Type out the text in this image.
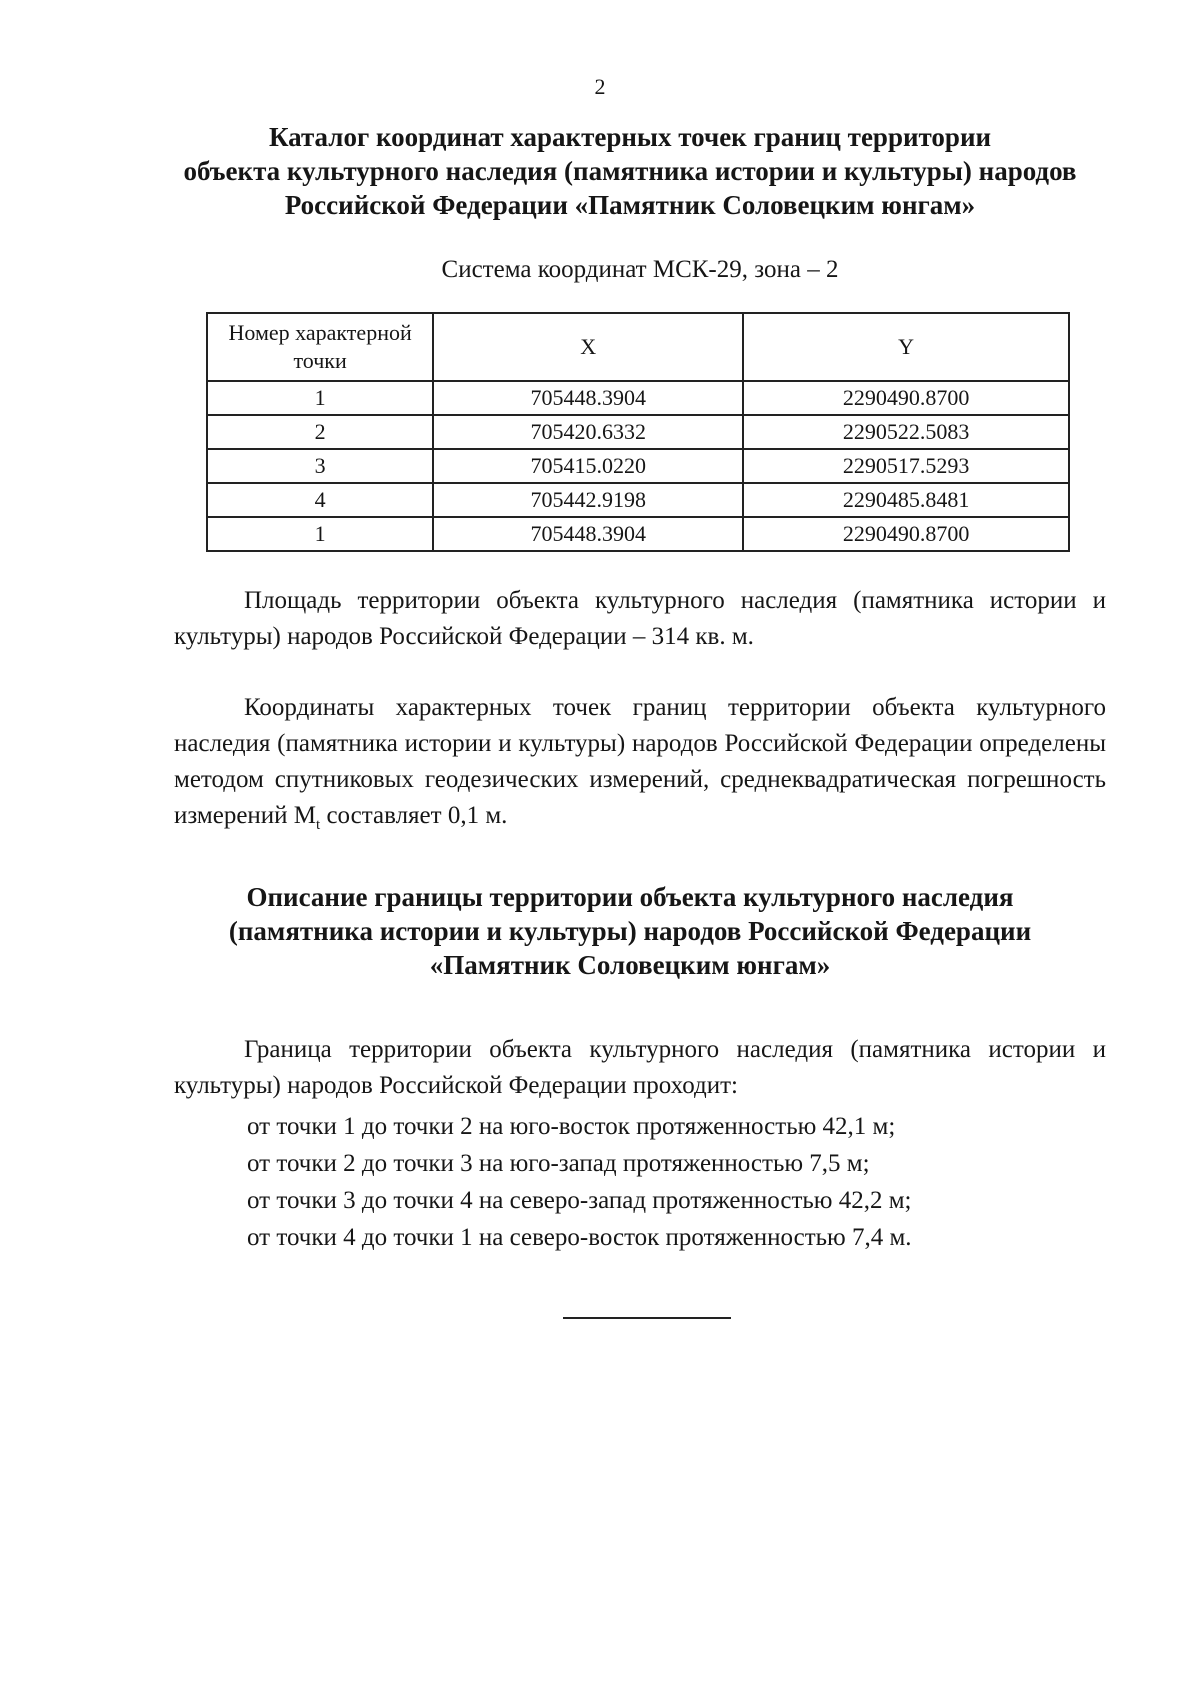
2
Каталог координат характерных точек границ территории
объекта культурного наследия (памятника истории и культуры) народов
Российской Федерации «Памятник Соловецким юнгам»
Система координат МСК-29, зона – 2
Номер характерной точки	X	Y
1	705448.3904	2290490.8700
2	705420.6332	2290522.5083
3	705415.0220	2290517.5293
4	705442.9198	2290485.8481
1	705448.3904	2290490.8700

Площадь территории объекта культурного наследия (памятника истории и культуры) народов Российской Федерации – 314 кв. м.

Координаты характерных точек границ территории объекта культурного наследия (памятника истории и культуры) народов Российской Федерации определены методом спутниковых геодезических измерений, среднеквадратическая погрешность измерений $M_t$ составляет 0,1 м.

Описание границы территории объекта культурного наследия
(памятника истории и культуры) народов Российской Федерации
«Памятник Соловецким юнгам»

Граница территории объекта культурного наследия (памятника истории и культуры) народов Российской Федерации проходит:

от точки 1 до точки 2 на юго-восток протяженностью 42,1 м;
от точки 2 до точки 3 на юго-запад протяженностью 7,5 м;
от точки 3 до точки 4 на северо-запад протяженностью 42,2 м;
от точки 4 до точки 1 на северо-восток протяженностью 7,4 м.
